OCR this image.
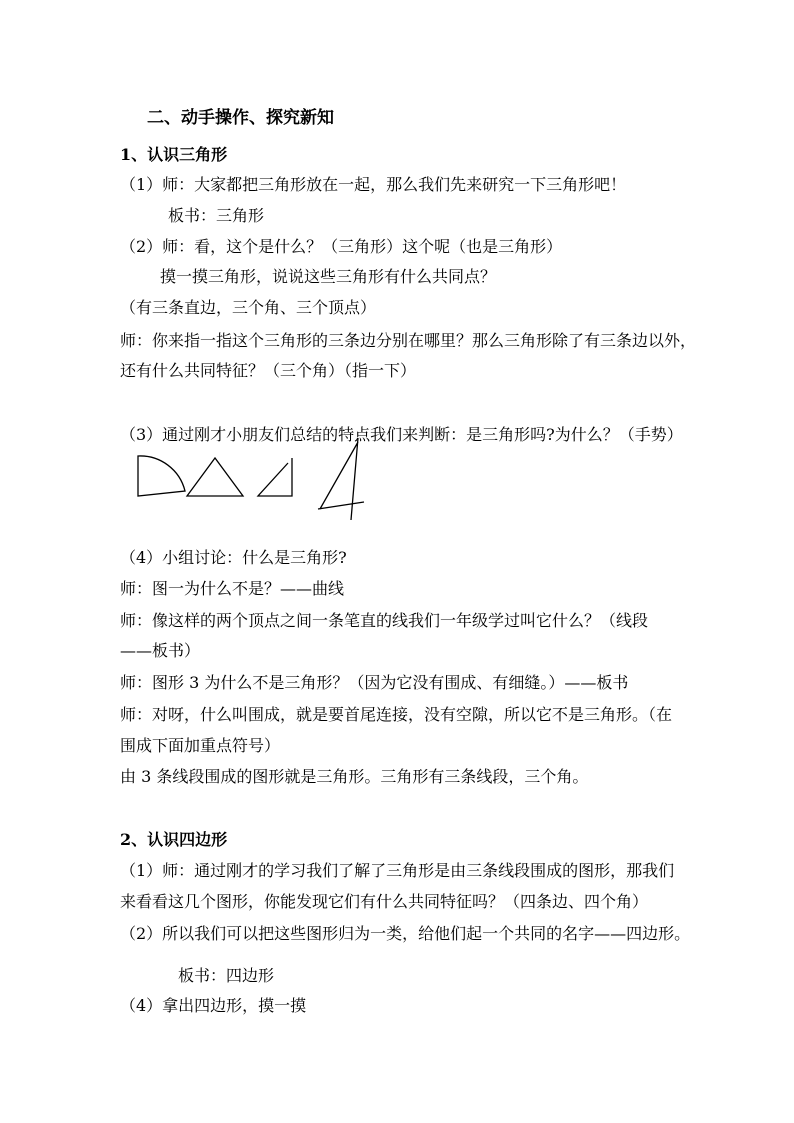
二、动手操作、探究新知
1、认识三角形
（1）师：大家都把三角形放在一起，那么我们先来研究一下三角形吧！
板书：三角形
（2）师：看，这个是什么？（三角形）这个呢（也是三角形）
摸一摸三角形，说说这些三角形有什么共同点？
（有三条直边，三个角、三个顶点）
师：你来指一指这个三角形的三条边分别在哪里？那么三角形除了有三条边以外，
还有什么共同特征？（三个角）（指一下）
（3）通过刚才小朋友们总结的特点我们来判断：是三角形吗?为什么？（手势）
（4）小组讨论：什么是三角形?
师：图一为什么不是？——曲线
师：像这样的两个顶点之间一条笔直的线我们一年级学过叫它什么？（线段
——板书）
师：图形 3 为什么不是三角形？（因为它没有围成、有细缝。）——板书
师：对呀，什么叫围成，就是要首尾连接，没有空隙，所以它不是三角形。（在
围成下面加重点符号）
由 3 条线段围成的图形就是三角形。三角形有三条线段，三个角。
2、认识四边形
（1）师：通过刚才的学习我们了解了三角形是由三条线段围成的图形，那我们
来看看这几个图形，你能发现它们有什么共同特征吗？（四条边、四个角）
（2）所以我们可以把这些图形归为一类，给他们起一个共同的名字——四边形。
板书：四边形
（4）拿出四边形，摸一摸
